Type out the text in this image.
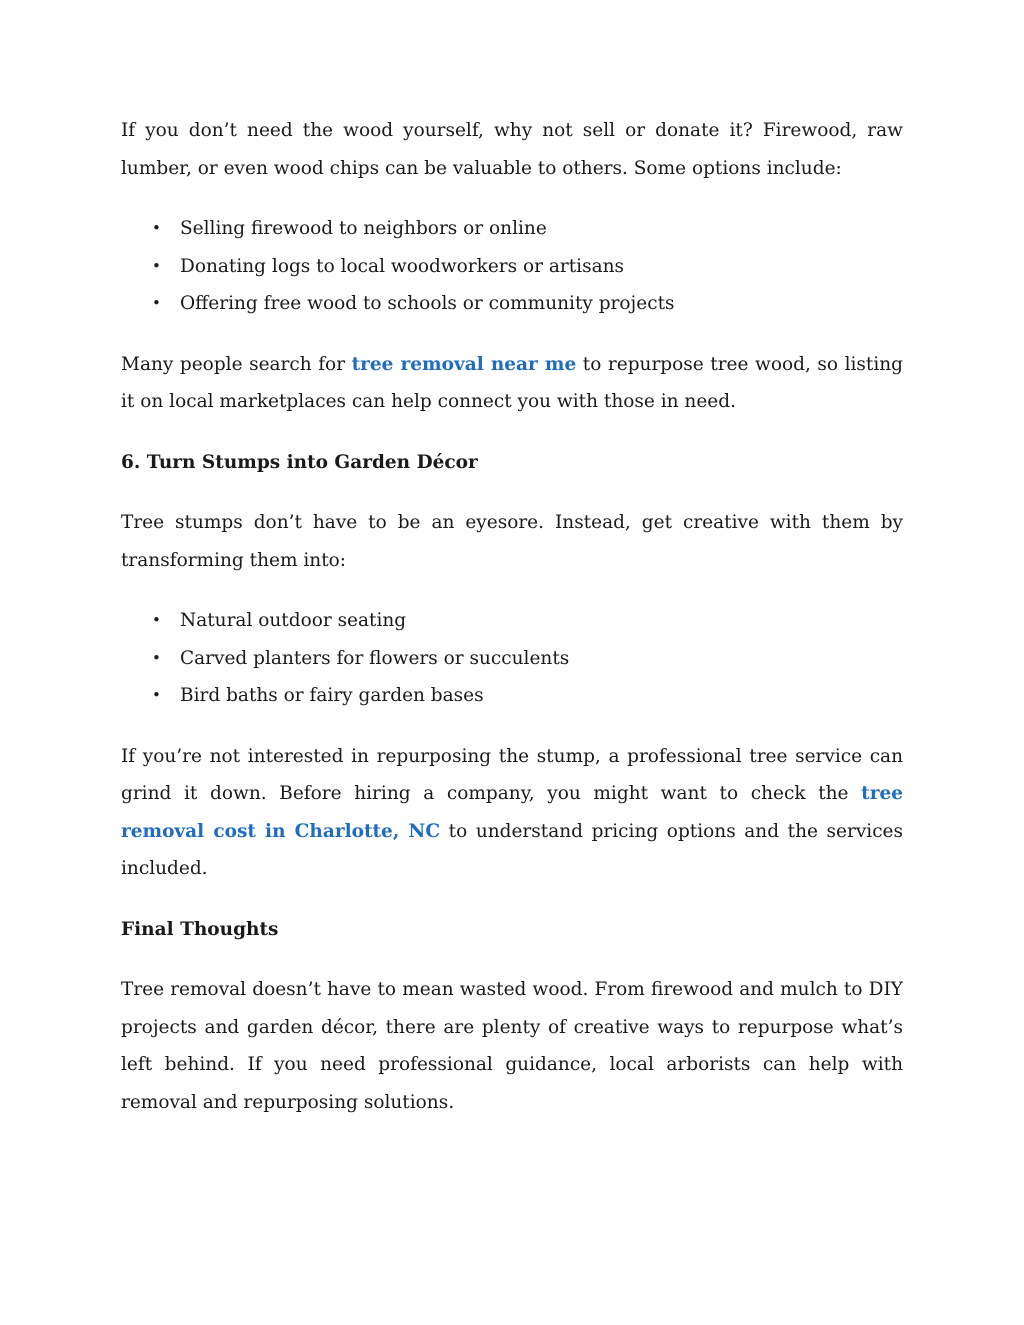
If you don’t need the wood yourself, why not sell or donate it? Firewood, raw lumber, or even wood chips can be valuable to others. Some options include:

• Selling firewood to neighbors or online
• Donating logs to local woodworkers or artisans
• Offering free wood to schools or community projects

Many people search for tree removal near me to repurpose tree wood, so listing it on local marketplaces can help connect you with those in need.

6. Turn Stumps into Garden Décor

Tree stumps don’t have to be an eyesore. Instead, get creative with them by transforming them into:

• Natural outdoor seating
• Carved planters for flowers or succulents
• Bird baths or fairy garden bases

If you’re not interested in repurposing the stump, a professional tree service can grind it down. Before hiring a company, you might want to check the tree removal cost in Charlotte, NC to understand pricing options and the services included.

Final Thoughts

Tree removal doesn’t have to mean wasted wood. From firewood and mulch to DIY projects and garden décor, there are plenty of creative ways to repurpose what’s left behind. If you need professional guidance, local arborists can help with removal and repurposing solutions.
